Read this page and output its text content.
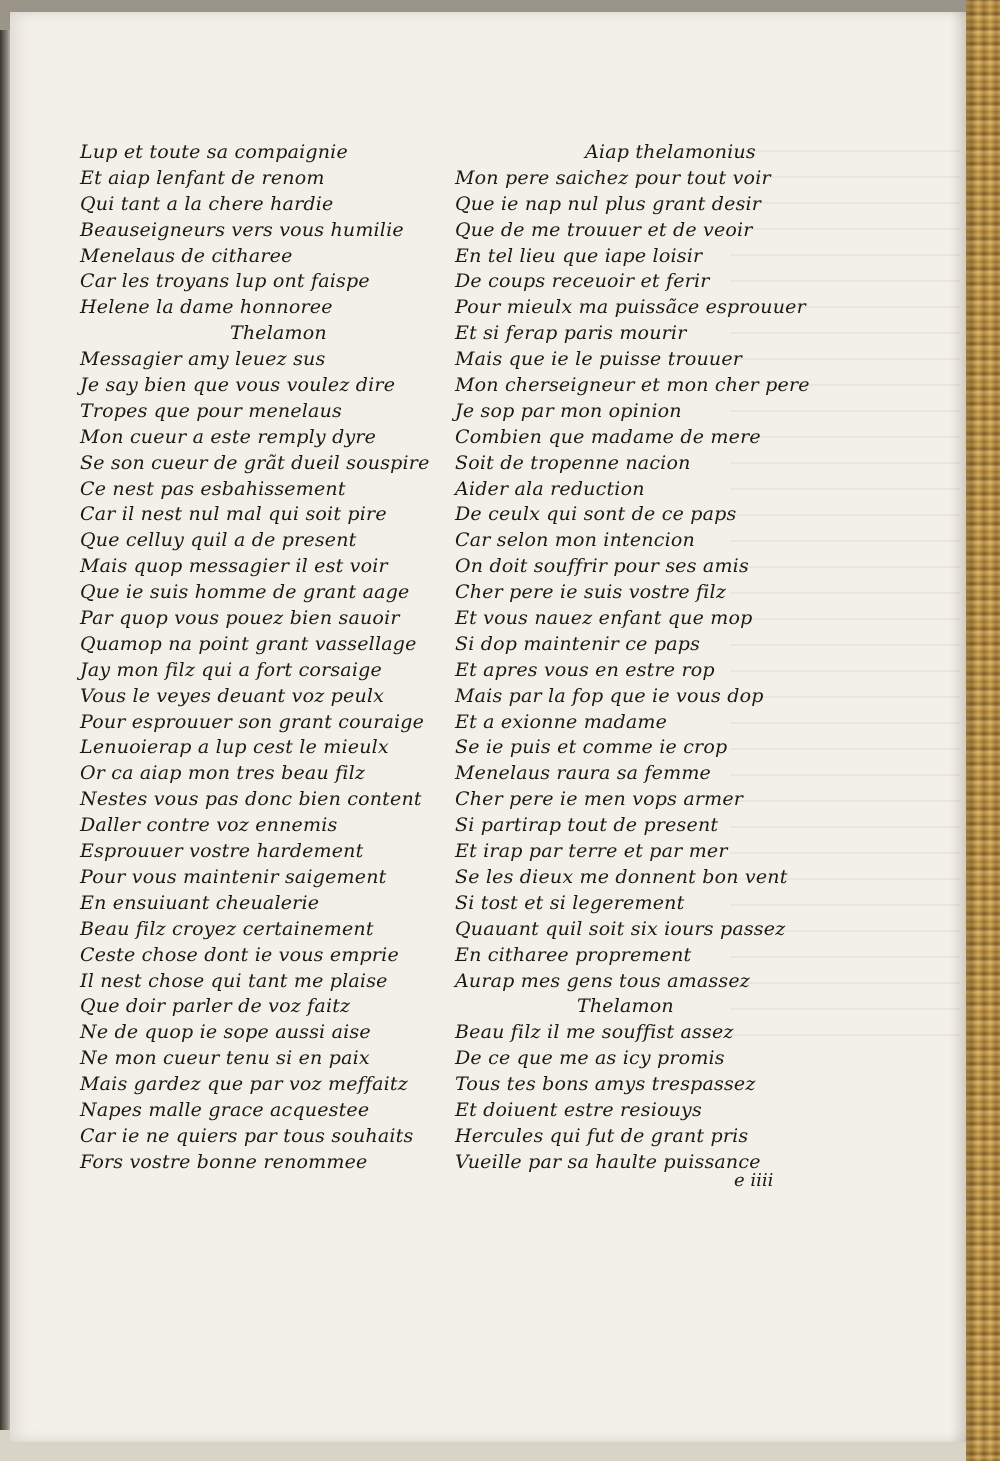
Lup et toute sa compaignie
Et aiap lenfant de renom
Qui tant a la chere hardie
Beauseigneurs vers vous humilie
Menelaus de citharee
Car les troyans lup ont faispe
Helene la dame honnoree
Thelamon
Messagier amy leuez sus
Je say bien que vous voulez dire
Tropes que pour menelaus
Mon cueur a este remply dyre
Se son cueur de grãt dueil souspire
Ce nest pas esbahissement
Car il nest nul mal qui soit pire
Que celluy quil a de present
Mais quop messagier il est voir
Que ie suis homme de grant aage
Par quop vous pouez bien sauoir
Quamop na point grant vassellage
Jay mon filz qui a fort corsaige
Vous le veyes deuant voz peulx
Pour esprouuer son grant couraige
Lenuoierap a lup cest le mieulx
Or ca aiap mon tres beau filz
Nestes vous pas donc bien content
Daller contre voz ennemis
Esprouuer vostre hardement
Pour vous maintenir saigement
En ensuiuant cheualerie
Beau filz croyez certainement
Ceste chose dont ie vous emprie
Il nest chose qui tant me plaise
Que doir parler de voz faitz
Ne de quop ie sope aussi aise
Ne mon cueur tenu si en paix
Mais gardez que par voz meffaitz
Napes malle grace acquestee
Car ie ne quiers par tous souhaits
Fors vostre bonne renommee
Aiap thelamonius
Mon pere saichez pour tout voir
Que ie nap nul plus grant desir
Que de me trouuer et de veoir
En tel lieu que iape loisir
De coups receuoir et ferir
Pour mieulx ma puissãce esprouuer
Et si ferap paris mourir
Mais que ie le puisse trouuer
Mon cherseigneur et mon cher pere
Je sop par mon opinion
Combien que madame de mere
Soit de tropenne nacion
Aider ala reduction
De ceulx qui sont de ce paps
Car selon mon intencion
On doit souffrir pour ses amis
Cher pere ie suis vostre filz
Et vous nauez enfant que mop
Si dop maintenir ce paps
Et apres vous en estre rop
Mais par la fop que ie vous dop
Et a exionne madame
Se ie puis et comme ie crop
Menelaus raura sa femme
Cher pere ie men vops armer
Si partirap tout de present
Et irap par terre et par mer
Se les dieux me donnent bon vent
Si tost et si legerement
Quauant quil soit six iours passez
En citharee proprement
Aurap mes gens tous amassez
Thelamon
Beau filz il me souffist assez
De ce que me as icy promis
Tous tes bons amys trespassez
Et doiuent estre resiouys
Hercules qui fut de grant pris
Vueille par sa haulte puissance
e iiii
